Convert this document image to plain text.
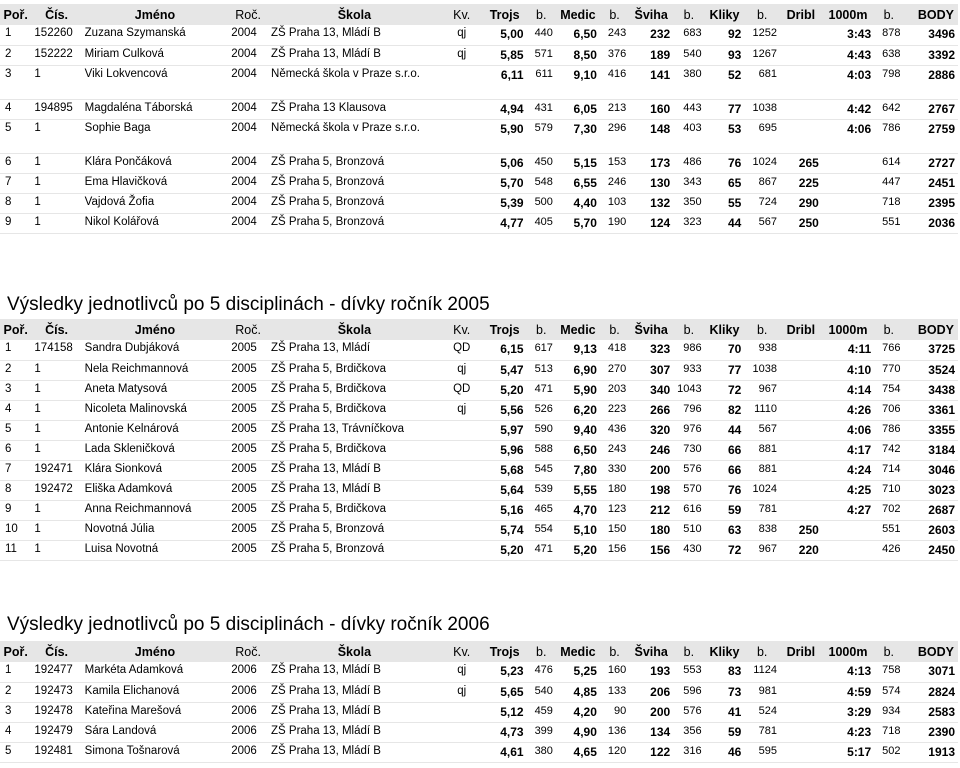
Poř.	Čís.	Jméno	Roč.	Škola	Kv.	Trojs	b.	Medic	b.	Šviha	b.	Kliky	b.	Dribl	1000m	b.	BODY
1	152260	Zuzana Szymanská	2004	ZŠ Praha 13, Mládí B	qj	5,00	440	6,50	243	232	683	92	1252		3:43	878	3496
2	152222	Miriam Culková	2004	ZŠ Praha 13, Mládí B	qj	5,85	571	8,50	376	189	540	93	1267		4:43	638	3392
3	1	Viki Lokvencová	2004	Německá škola v Praze s.r.o.		6,11	611	9,10	416	141	380	52	681		4:03	798	2886
4	194895	Magdaléna Táborská	2004	ZŠ Praha 13 Klausova		4,94	431	6,05	213	160	443	77	1038		4:42	642	2767
5	1	Sophie Baga	2004	Německá škola v Praze s.r.o.		5,90	579	7,30	296	148	403	53	695		4:06	786	2759
6	1	Klára Pončáková	2004	ZŠ Praha 5, Bronzová		5,06	450	5,15	153	173	486	76	1024	265		614	2727
7	1	Ema Hlavičková	2004	ZŠ Praha 5, Bronzová		5,70	548	6,55	246	130	343	65	867	225		447	2451
8	1	Vajdová Žofia	2004	ZŠ Praha 5, Bronzová		5,39	500	4,40	103	132	350	55	724	290		718	2395
9	1	Nikol Kolářová	2004	ZŠ Praha 5, Bronzová		4,77	405	5,70	190	124	323	44	567	250		551	2036
Výsledky jednotlivců po 5 disciplinách - dívky ročník 2005
Poř.	Čís.	Jméno	Roč.	Škola	Kv.	Trojs	b.	Medic	b.	Šviha	b.	Kliky	b.	Dribl	1000m	b.	BODY
1	174158	Sandra Dubjáková	2005	ZŠ Praha 13, Mládí	QD	6,15	617	9,13	418	323	986	70	938		4:11	766	3725
2	1	Nela Reichmannová	2005	ZŠ Praha 5, Brdičkova	qj	5,47	513	6,90	270	307	933	77	1038		4:10	770	3524
3	1	Aneta Matysová	2005	ZŠ Praha 5, Brdičkova	QD	5,20	471	5,90	203	340	1043	72	967		4:14	754	3438
4	1	Nicoleta Malinovská	2005	ZŠ Praha 5, Brdičkova	qj	5,56	526	6,20	223	266	796	82	1110		4:26	706	3361
5	1	Antonie Kelnárová	2005	ZŠ Praha 13, Trávníčkova		5,97	590	9,40	436	320	976	44	567		4:06	786	3355
6	1	Lada Skleničková	2005	ZŠ Praha 5, Brdičkova		5,96	588	6,50	243	246	730	66	881		4:17	742	3184
7	192471	Klára Sionková	2005	ZŠ Praha 13, Mládí B		5,68	545	7,80	330	200	576	66	881		4:24	714	3046
8	192472	Eliška Adamková	2005	ZŠ Praha 13, Mládí B		5,64	539	5,55	180	198	570	76	1024		4:25	710	3023
9	1	Anna Reichmannová	2005	ZŠ Praha 5, Brdičkova		5,16	465	4,70	123	212	616	59	781		4:27	702	2687
10	1	Novotná Júlia	2005	ZŠ Praha 5, Bronzová		5,74	554	5,10	150	180	510	63	838	250		551	2603
11	1	Luisa Novotná	2005	ZŠ Praha 5, Bronzová		5,20	471	5,20	156	156	430	72	967	220		426	2450
Výsledky jednotlivců po 5 disciplinách - dívky ročník 2006
Poř.	Čís.	Jméno	Roč.	Škola	Kv.	Trojs	b.	Medic	b.	Šviha	b.	Kliky	b.	Dribl	1000m	b.	BODY
1	192477	Markéta Adamková	2006	ZŠ Praha 13, Mládí B	qj	5,23	476	5,25	160	193	553	83	1124		4:13	758	3071
2	192473	Kamila Elichanová	2006	ZŠ Praha 13, Mládí B	qj	5,65	540	4,85	133	206	596	73	981		4:59	574	2824
3	192478	Kateřina Marešová	2006	ZŠ Praha 13, Mládí B		5,12	459	4,20	90	200	576	41	524		3:29	934	2583
4	192479	Sára Landová	2006	ZŠ Praha 13, Mládí B		4,73	399	4,90	136	134	356	59	781		4:23	718	2390
5	192481	Simona Tošnarová	2006	ZŠ Praha 13, Mládí B		4,61	380	4,65	120	122	316	46	595		5:17	502	1913
